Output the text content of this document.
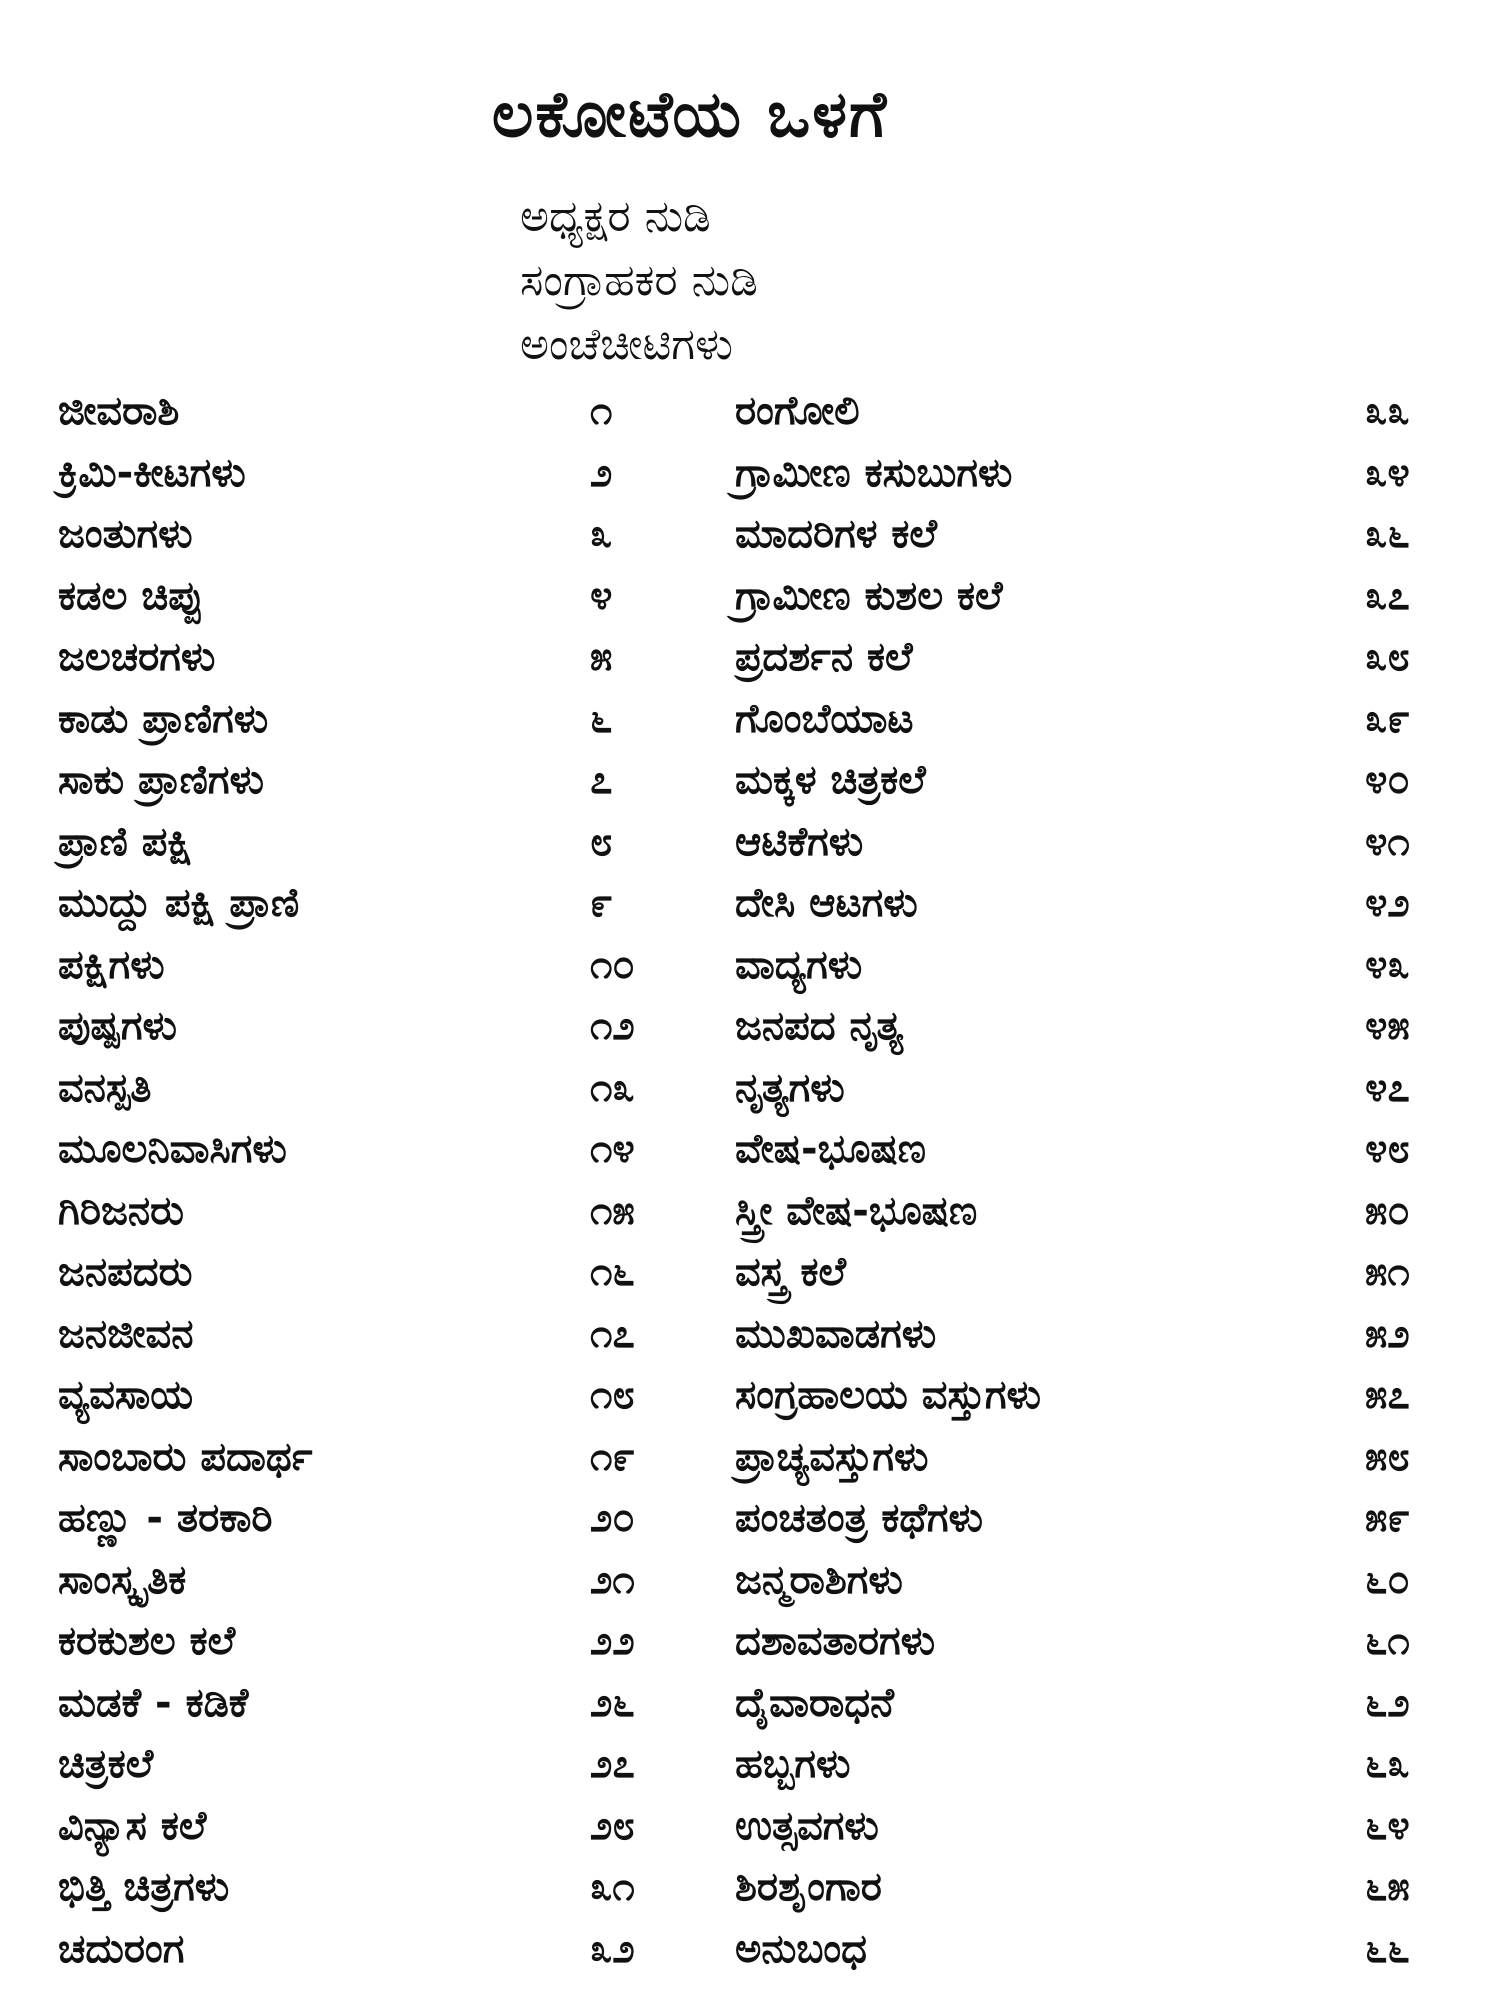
ಲಕೋಟೆಯ ಒಳಗೆ
ಅಧ್ಯಕ್ಷರ ನುಡಿ
ಸಂಗ್ರಾಹಕರ ನುಡಿ
ಅಂಚೆಚೀಟಿಗಳು
ಜೀವರಾಶಿ	೧	ರಂಗೋಲಿ	೩೩
ಕ್ರಿಮಿ-ಕೀಟಗಳು	೨	ಗ್ರಾಮೀಣ ಕಸುಬುಗಳು	೩೪
ಜಂತುಗಳು	೩	ಮಾದರಿಗಳ ಕಲೆ	೩೬
ಕಡಲ ಚಿಪ್ಪು	೪	ಗ್ರಾಮೀಣ ಕುಶಲ ಕಲೆ	೩೭
ಜಲಚರಗಳು	೫	ಪ್ರದರ್ಶನ ಕಲೆ	೩೮
ಕಾಡು ಪ್ರಾಣಿಗಳು	೬	ಗೊಂಬೆಯಾಟ	೩೯
ಸಾಕು ಪ್ರಾಣಿಗಳು	೭	ಮಕ್ಕಳ ಚಿತ್ರಕಲೆ	೪೦
ಪ್ರಾಣಿ ಪಕ್ಷಿ	೮	ಆಟಿಕೆಗಳು	೪೧
ಮುದ್ದು ಪಕ್ಷಿ ಪ್ರಾಣಿ	೯	ದೇಸಿ ಆಟಗಳು	೪೨
ಪಕ್ಷಿಗಳು	೧೦	ವಾದ್ಯಗಳು	೪೩
ಪುಷ್ಪಗಳು	೧೨	ಜನಪದ ನೃತ್ಯ	೪೫
ವನಸ್ಪತಿ	೧೩	ನೃತ್ಯಗಳು	೪೭
ಮೂಲನಿವಾಸಿಗಳು	೧೪	ವೇಷ-ಭೂಷಣ	೪೮
ಗಿರಿಜನರು	೧೫	ಸ್ತ್ರೀ ವೇಷ-ಭೂಷಣ	೫೦
ಜನಪದರು	೧೬	ವಸ್ತ್ರ ಕಲೆ	೫೧
ಜನಜೀವನ	೧೭	ಮುಖವಾಡಗಳು	೫೨
ವ್ಯವಸಾಯ	೧೮	ಸಂಗ್ರಹಾಲಯ ವಸ್ತುಗಳು	೫೭
ಸಾಂಬಾರು ಪದಾರ್ಥ	೧೯	ಪ್ರಾಚ್ಯವಸ್ತುಗಳು	೫೮
ಹಣ್ಣು - ತರಕಾರಿ	೨೦	ಪಂಚತಂತ್ರ ಕಥೆಗಳು	೫೯
ಸಾಂಸ್ಕೃತಿಕ	೨೧	ಜನ್ಮರಾಶಿಗಳು	೬೦
ಕರಕುಶಲ ಕಲೆ	೨೨	ದಶಾವತಾರಗಳು	೬೧
ಮಡಕೆ - ಕಡಿಕೆ	೨೬	ದೈವಾರಾಧನೆ	೬೨
ಚಿತ್ರಕಲೆ	೨೭	ಹಬ್ಬಗಳು	೬೩
ವಿನ್ಯಾಸ ಕಲೆ	೨೮	ಉತ್ಸವಗಳು	೬೪
ಭಿತ್ತಿ ಚಿತ್ರಗಳು	೩೧	ಶಿರಶೃಂಗಾರ	೬೫
ಚದುರಂಗ	೩೨	ಅನುಬಂಧ	೬೬
